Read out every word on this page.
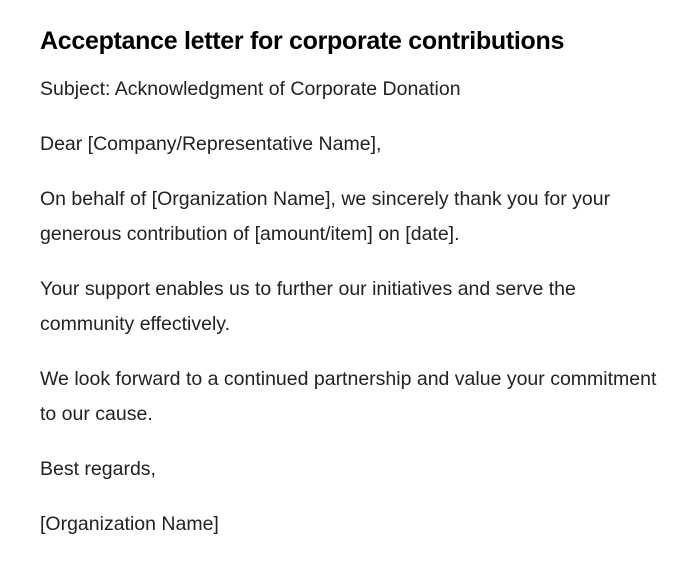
Acceptance letter for corporate contributions

Subject: Acknowledgment of Corporate Donation

Dear [Company/Representative Name],

On behalf of [Organization Name], we sincerely thank you for your generous contribution of [amount/item] on [date].

Your support enables us to further our initiatives and serve the community effectively.

We look forward to a continued partnership and value your commitment to our cause.

Best regards,

[Organization Name]
